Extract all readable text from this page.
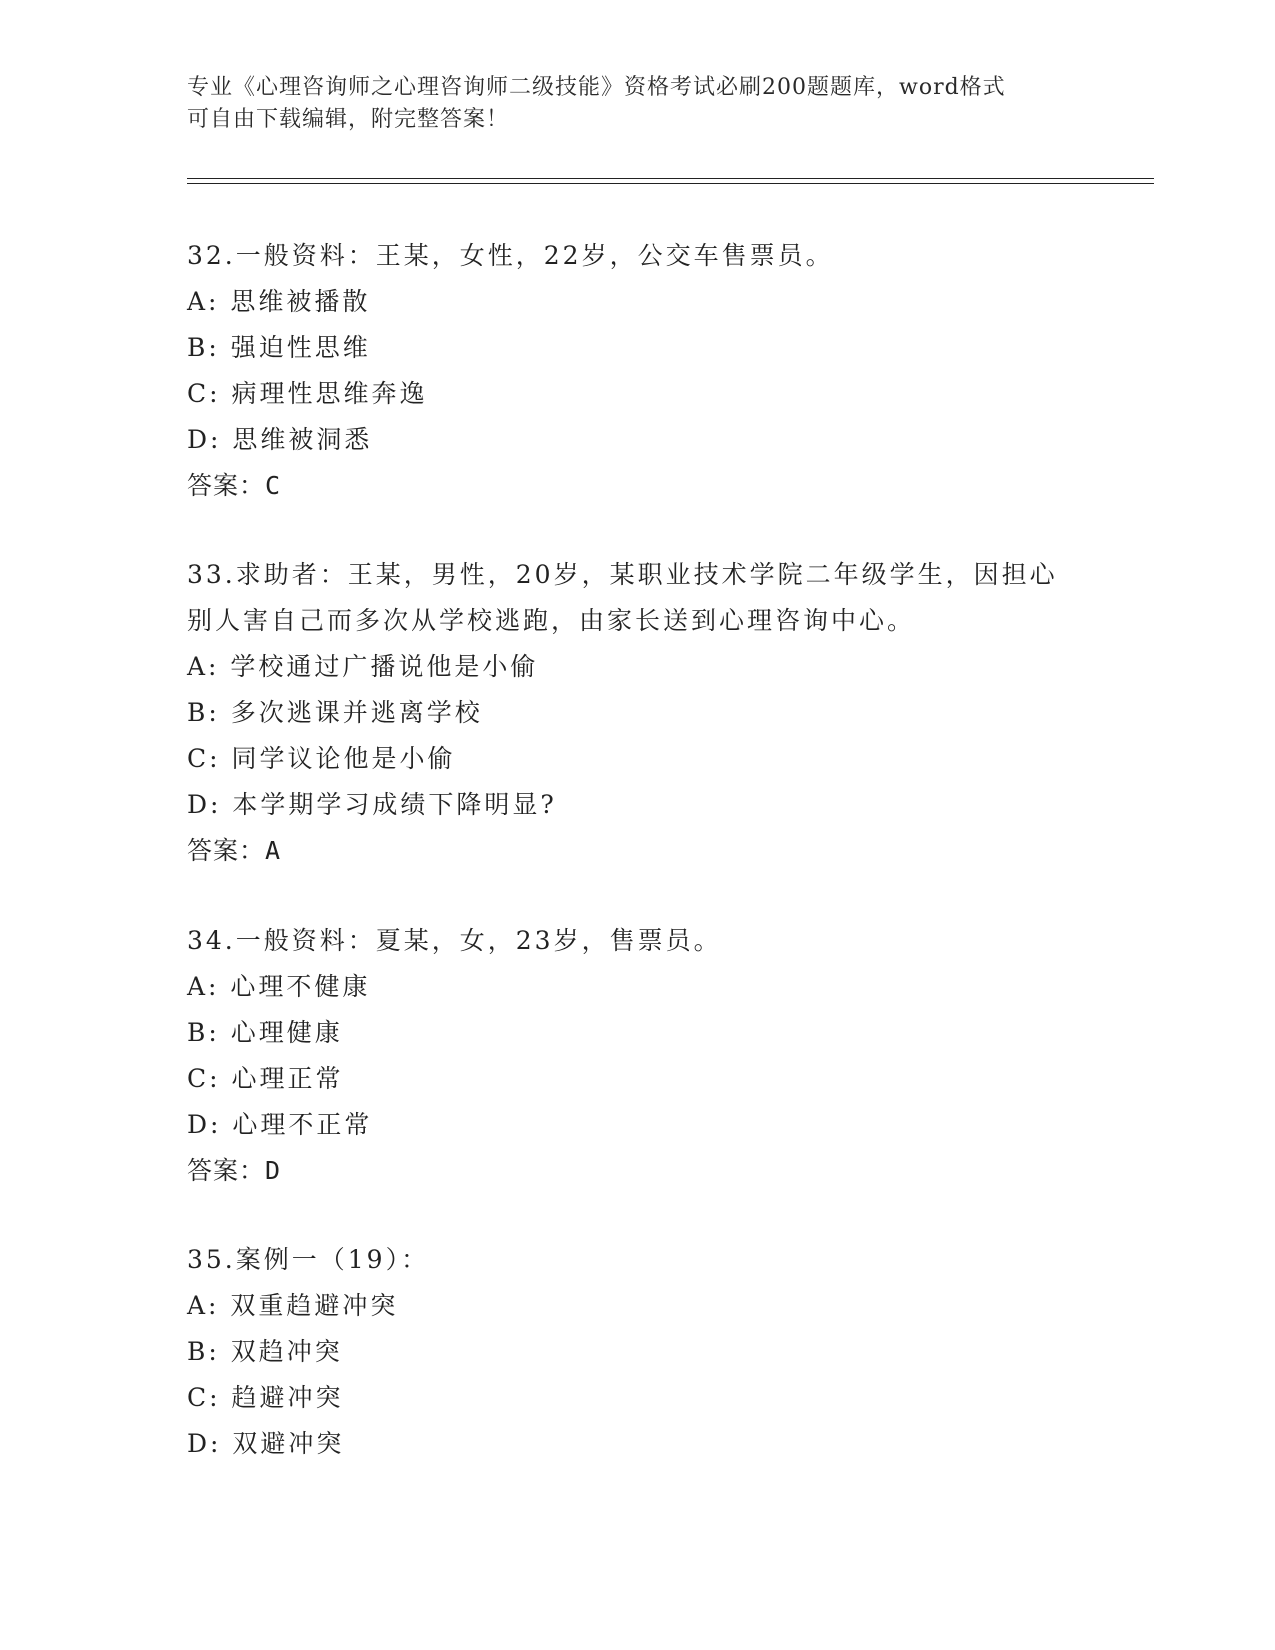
专业《心理咨询师之心理咨询师二级技能》资格考试必刷200题题库，word格式
可自由下载编辑，附完整答案！
32.一般资料：王某，女性，22岁，公交车售票员。
A: 思维被播散
B: 强迫性思维
C: 病理性思维奔逸
D: 思维被洞悉
答案：C
33.求助者：王某，男性，20岁，某职业技术学院二年级学生，因担心
别人害自己而多次从学校逃跑，由家长送到心理咨询中心。
A: 学校通过广播说他是小偷
B: 多次逃课并逃离学校
C: 同学议论他是小偷
D: 本学期学习成绩下降明显?
答案：A
34.一般资料：夏某，女，23岁，售票员。
A: 心理不健康
B: 心理健康
C: 心理正常
D: 心理不正常
答案：D
35.案例一（19）：
A: 双重趋避冲突
B: 双趋冲突
C: 趋避冲突
D: 双避冲突
